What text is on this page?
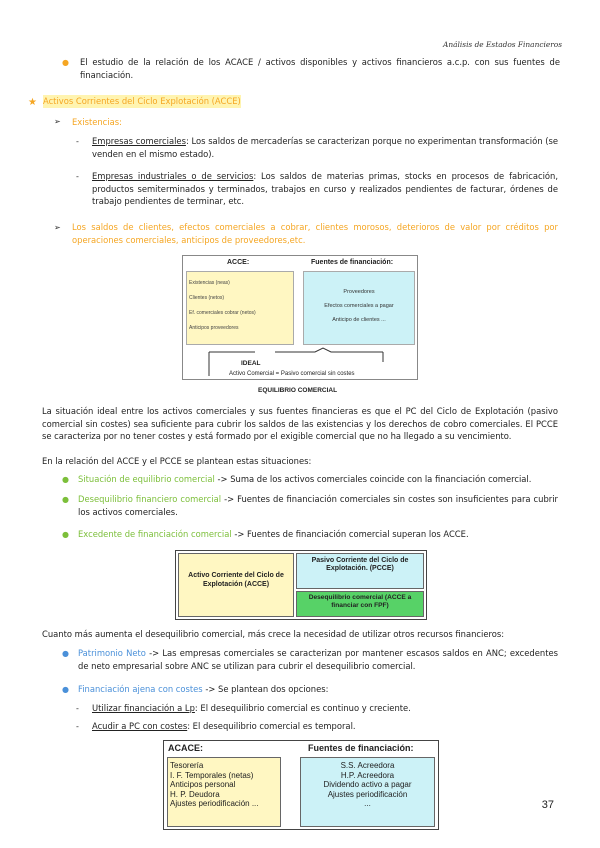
Análisis de Estados Financieros
● El estudio de la relación de los ACACE / activos disponibles y activos financieros a.c.p. con sus fuentes de financiación.

★ Activos Corrientes del Ciclo Explotación (ACCE)

➢ Existencias:

- Empresas comerciales: Los saldos de mercaderías se caracterizan porque no experimentan transformación (se venden en el mismo estado).

- Empresas industriales o de servicios: Los saldos de materias primas, stocks en procesos de fabricación, productos semiterminados y terminados, trabajos en curso y realizados pendientes de facturar, órdenes de trabajo pendientes de terminar, etc.

➢ Los saldos de clientes, efectos comerciales a cobrar, clientes morosos, deterioros de valor por créditos por operaciones comerciales, anticipos de proveedores,etc.

ACCE:	Fuentes de financiación:
Existencias (neas)
Clientes (netos)
Ef. comerciales cobrar (netos)
Anticipos proveedores
Proveedores
Efectos comerciales a pagar
Anticipo de clientes ...
IDEAL
Activo Comercial = Pasivo comercial sin costes
EQUILIBRIO COMERCIAL

La situación ideal entre los activos comerciales y sus fuentes financieras es que el PC del Ciclo de Explotación (pasivo comercial sin costes) sea suficiente para cubrir los saldos de las existencias y los derechos de cobro comerciales. El PCCE se caracteriza por no tener costes y está formado por el exigible comercial que no ha llegado a su vencimiento.

En la relación del ACCE y el PCCE se plantean estas situaciones:

● Situación de equilibrio comercial -> Suma de los activos comerciales coincide con la financiación comercial.

● Desequilibrio financiero comercial -> Fuentes de financiación comerciales sin costes son insuficientes para cubrir los activos comerciales.

● Excedente de financiación comercial -> Fuentes de financiación comercial superan los ACCE.

Activo Corriente del Ciclo de Explotación (ACCE)
Pasivo Corriente del Ciclo de Explotación. (PCCE)
Desequilibrio comercial (ACCE a financiar con FPF)

Cuanto más aumenta el desequilibrio comercial, más crece la necesidad de utilizar otros recursos financieros:

● Patrimonio Neto -> Las empresas comerciales se caracterizan por mantener escasos saldos en ANC; excedentes de neto empresarial sobre ANC se utilizan para cubrir el desequilibrio comercial.

● Financiación ajena con costes -> Se plantean dos opciones:

- Utilizar financiación a Lp: El desequilibrio comercial es continuo y creciente.

- Acudir a PC con costes: El desequilibrio comercial es temporal.

ACACE:	Fuentes de financiación:
Tesorería
I. F. Temporales (netas)
Anticipos personal
H. P. Deudora
Ajustes periodificación ...
S.S. Acreedora
H.P. Acreedora
Dividendo activo a pagar
Ajustes periodificación
...	37
